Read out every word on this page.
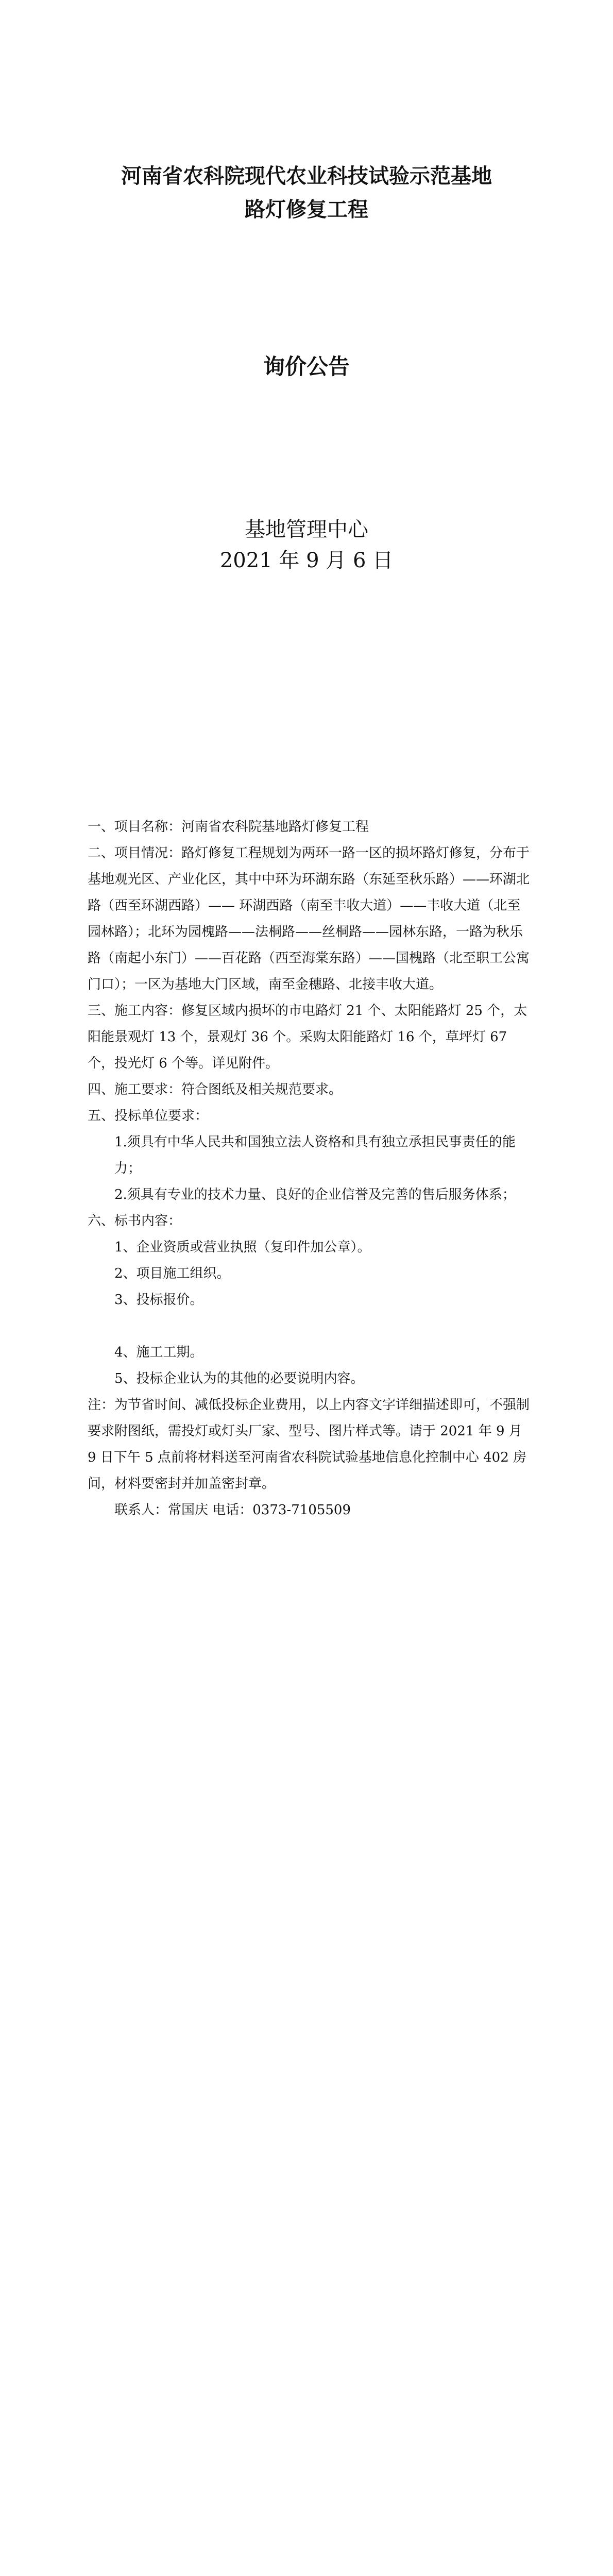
河南省农科院现代农业科技试验示范基地
路灯修复工程
询价公告
基地管理中心
2021 年 9 月 6 日

一、项目名称：河南省农科院基地路灯修复工程

二、项目情况：路灯修复工程规划为两环一路一区的损坏路灯修复，分布于基地观光区、产业化区，其中中环为环湖东路（东延至秋乐路）——环湖北路（西至环湖西路）—— 环湖西路（南至丰收大道）——丰收大道（北至园林路）；北环为园槐路——法桐路——丝桐路——园林东路，一路为秋乐路（南起小东门）——百花路（西至海棠东路）——国槐路（北至职工公寓门口）；一区为基地大门区域，南至金穗路、北接丰收大道。

三、施工内容：修复区域内损坏的市电路灯 21 个、太阳能路灯 25 个，太阳能景观灯 13 个，景观灯 36 个。采购太阳能路灯 16 个，草坪灯 67 个，投光灯 6 个等。详见附件。

四、施工要求：符合图纸及相关规范要求。

五、投标单位要求：

1.须具有中华人民共和国独立法人资格和具有独立承担民事责任的能力；

2.须具有专业的技术力量、良好的企业信誉及完善的售后服务体系；

六、标书内容：

1、企业资质或营业执照（复印件加公章）。

2、项目施工组织。

3、投标报价。

4、施工工期。

5、投标企业认为的其他的必要说明内容。

注：为节省时间、减低投标企业费用，以上内容文字详细描述即可，不强制要求附图纸，需投灯或灯头厂家、型号、图片样式等。请于 2021 年 9 月 9 日下午 5 点前将材料送至河南省农科院试验基地信息化控制中心 402 房间，材料要密封并加盖密封章。

联系人：常国庆 电话：0373-7105509
